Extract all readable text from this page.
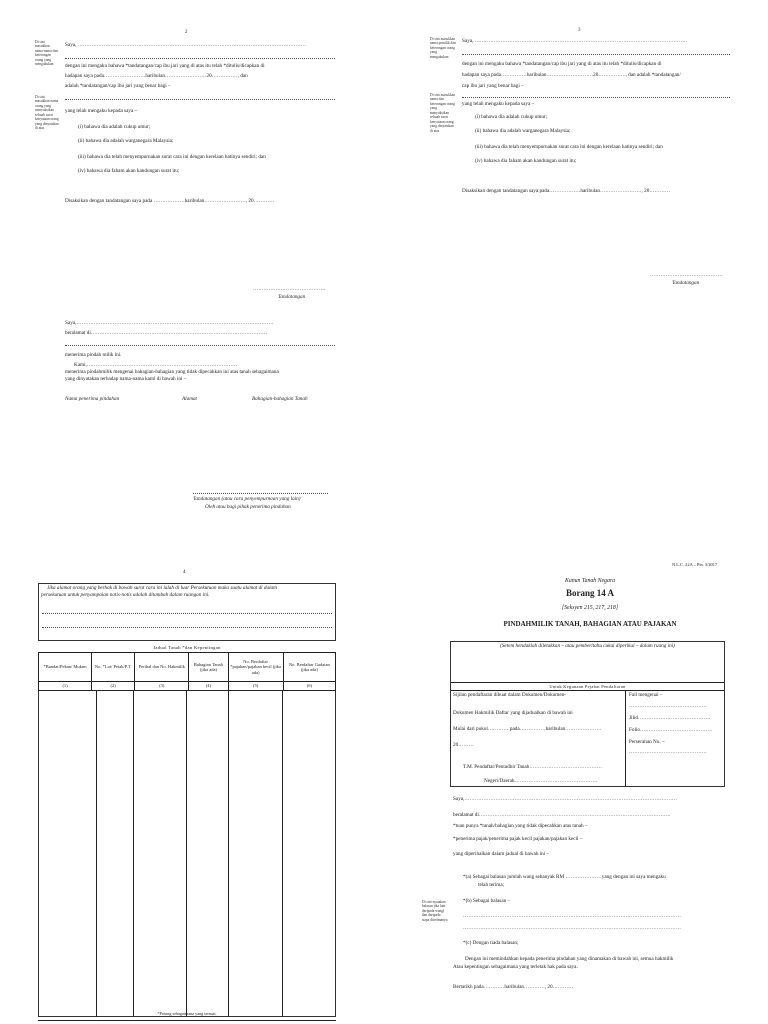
2
Di sini masukkan nama-nama dan keterangan orang yang mengakukan
Saya, ……………………………………………………………………………………………………………………
dengan ini mengaku bahawa *tandatangan/cap ibu jari yang di atas itu telah *ditulis/dicapkan di
hadapan saya pada……………………haribulan……………………20……………, dan
adalah *tandatangan/cap ibu jari yang benar bagi –
Di sini masukkan nama orang yang menyaksikan sebuah surat kenyataan orang yang dinyatakan di atas
yang telah mengaku kepada saya –
(i) bahawa dia adalah cukup umur;
(ii) bahawa dia adalah warganegara Malaysia;
(iii) bahawa dia telah menyempurnakan surat cara ini dengan kerelaan hatinya sendiri; dan
(iv) bahawa dia faham akan kandungan surat itu;
Disaksikan dengan tandatangan saya pada ………………haribulan……………………, 20…………
……………………………………
Tandatangan
Saya,……………………………………………………………………………………………………
beralamat di…………………………………………………………………………………………
menerima pindah milik ini.
Kami,……………………………………………………………………………
menerima pindahmilik mengenai bahagian-bahagian yang tidak dipecahkan ini atas tanah sebagaimana
yang dinyatakan terhadap nama-nama kami di bawah ini –
Nama penerima pindahan	Alamat	Bahagian-bahagian Tanah
Tandatangan (atau cara penyempurnaan yang lain)
Oleh atau bagi pihak penerima pindahan
3
Di sini masukkan nama pemilik dan keterangan orang yang mengakukan
Saya, ……………………………………………………………………………………………………………
dengan ini mengaku bahawa *tandatangan/cap ibu jari yang di atas itu telah *ditulis/dicapkan di
hadapan saya pada……………haribulan………………………20……………., dan adalah *tandatangan/
cap ibu jari yang benar bagi –
Di sini masukkan nama dan keterangan orang yang menyaksikan sebuah surat kenyataan orang yang dinyatakan di atas
yang telah mengaku kepada saya –
(i) bahawa dia adalah cukup umur;
(ii) bahawa dia adalah warganegara Malaysia;
(iii) bahawa dia telah menyempurnakan surat cara ini dengan kerelaan hatinya sendiri; dan
(iv) bahawa dia faham akan kandungan surat itu;
Disaksikan dengan tandatangan saya pada………………haribulan……………………, 20…………
……………………………………
Tandatangan
4
Jika alamat orang yang berhak di bawah surat cara ini ialah di luar Persekutuan maka suatu alamat di dalam
persekutuan untuk penyampaian notis-notis adalah ditambah dalam ruangan ini.
Jadual Tanah *dan Kepentingan
*Bandar/Pekan/ Mukim	No. *Lot/ Petak/P.T.	Perihal dan No. Hakmilik	Bahagian Tanah (jika ada)	No. Berdaftar *pajakan/pajakan kecil (jika ada)	No. Berdaftar Gadaian (jika ada)
(1)	(2)	(3)	(4)	(5)	(6)
*Potong sebagaimana yang tersuai.
N.L.C. 22A – Pin. 3/2017
Kanun Tanah Negara
Borang 14 A
[Seksyen 215, 217, 218]
PINDAHMILIK TANAH, BAHAGIAN ATAU PAJAKAN
(Setem hendaklah diletakkan – atau pemberitahu cukai diperikai – dalam ruang ini)
Untuk Kegunaan Pejabat Pendaftaran
Sijilan pendaftaran dibuat dalam Dokumen/Dokumen-
Dokumen Hakmilik Daftar yang dijadualkan di bawah ini
Mulai dari pukul………… pada……………haribulan…………………
20………
T.M. Pendaftar/Pentadbir Tanah……………………………………
Negeri/Daerah…………………………………………
Fail mengenai –
………………………………………
Jilid……………………………………
Folio……………………………………
Perserahan No. –
………………………………………
Saya,……………………………………………………………………………………………………………
beralamat di…………………………………………………………………………………………………
*tuan punya *tanah/bahagian yang tidak dipecahkan atas tanah –
*penerima pajak/penerima pajak kecil pajakan/pajakan kecil –
yang diperihalkan dalam jadual di bawah ini –
Di sini nyatakan balasan jika lain daripada wang) dan daripada siapa diterimanya
*(a) Sebagai balasan jumlah wang sebanyak RM …………………yang dengan ini saya mengaku
telah terima;
*(b) Sebagai balasan –
………………………………………………………………………………………………………………
………………………………………………………………………………………………………………
*(c) Dengan tiada balasan;
Dengan ini memindahkan kepada penerima pindahan yang dinamakan di bawah ini, semua hakmilik
Atau kepentingan sebagaimana yang terletak hak pada saya.
Bertarikh pada…………haribulan…………, 20…………
